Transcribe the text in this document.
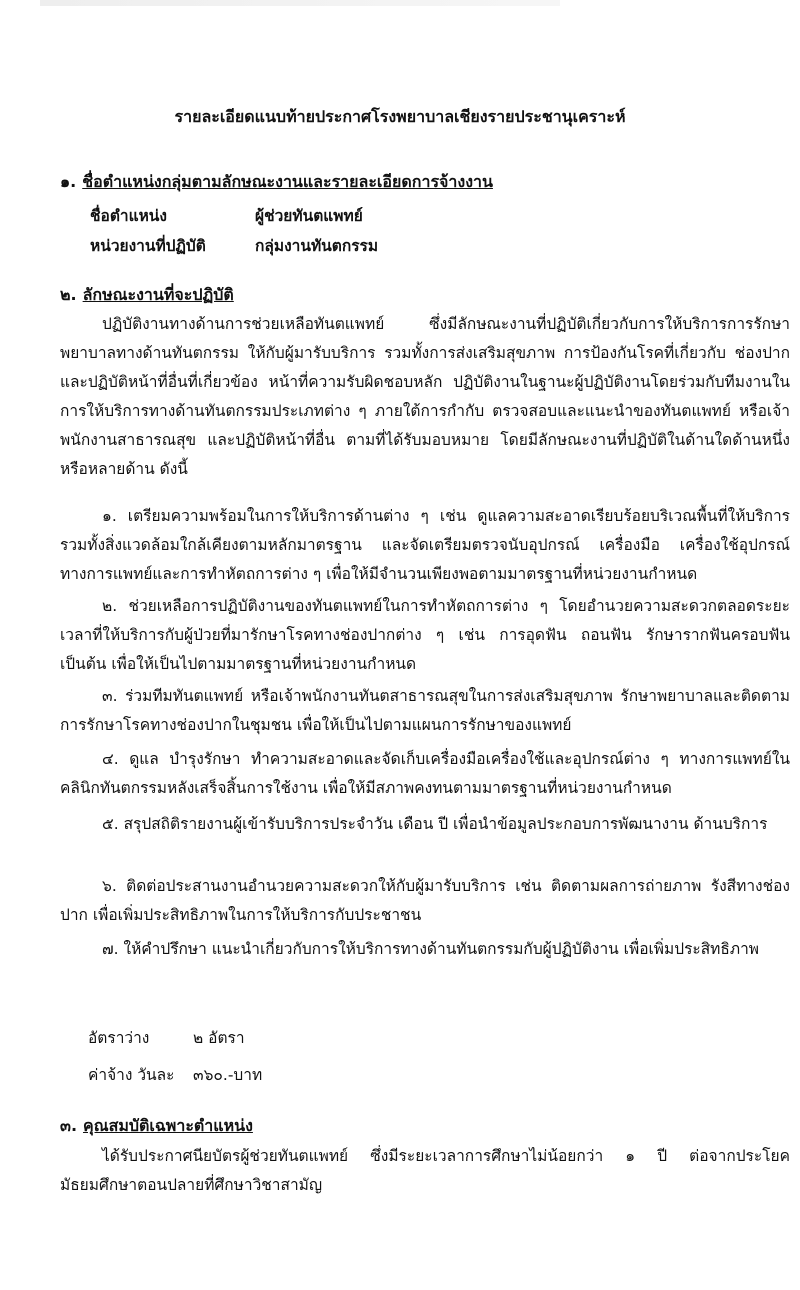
รายละเอียดแนบท้ายประกาศโรงพยาบาลเชียงรายประชานุเคราะห์
๑. ชื่อตำแหน่งกลุ่มตามลักษณะงานและรายละเอียดการจ้างงาน
ชื่อตำแหน่ง	ผู้ช่วยทันตแพทย์
หน่วยงานที่ปฏิบัติ	กลุ่มงานทันตกรรม
๒. ลักษณะงานที่จะปฏิบัติ
ปฏิบัติงานทางด้านการช่วยเหลือทันตแพทย์ ซึ่งมีลักษณะงานที่ปฏิบัติเกี่ยวกับการให้บริการการรักษาพยาบาลทางด้านทันตกรรม ให้กับผู้มารับบริการ รวมทั้งการส่งเสริมสุขภาพ การป้องกันโรคที่เกี่ยวกับ ช่องปากและปฏิบัติหน้าที่อื่นที่เกี่ยวข้อง หน้าที่ความรับผิดชอบหลัก ปฏิบัติงานในฐานะผู้ปฏิบัติงานโดยร่วมกับทีมงานในการให้บริการทางด้านทันตกรรมประเภทต่าง ๆ ภายใต้การกำกับ ตรวจสอบและแนะนำของทันตแพทย์ หรือเจ้าพนักงานสาธารณสุข และปฏิบัติหน้าที่อื่น ตามที่ได้รับมอบหมาย โดยมีลักษณะงานที่ปฏิบัติในด้านใดด้านหนึ่ง หรือหลายด้าน ดังนี้
๑. เตรียมความพร้อมในการให้บริการด้านต่าง ๆ เช่น ดูแลความสะอาดเรียบร้อยบริเวณพื้นที่ให้บริการ รวมทั้งสิ่งแวดล้อมใกล้เคียงตามหลักมาตรฐาน และจัดเตรียมตรวจนับอุปกรณ์ เครื่องมือ เครื่องใช้อุปกรณ์ทางการแพทย์และการทำหัตถการต่าง ๆ เพื่อให้มีจำนวนเพียงพอตามมาตรฐานที่หน่วยงานกำหนด
๒. ช่วยเหลือการปฏิบัติงานของทันตแพทย์ในการทำหัตถการต่าง ๆ โดยอำนวยความสะดวกตลอดระยะเวลาที่ให้บริการกับผู้ป่วยที่มารักษาโรคทางช่องปากต่าง ๆ เช่น การอุดฟัน ถอนฟัน รักษารากฟันครอบฟัน เป็นต้น เพื่อให้เป็นไปตามมาตรฐานที่หน่วยงานกำหนด
๓. ร่วมทีมทันตแพทย์ หรือเจ้าพนักงานทันตสาธารณสุขในการส่งเสริมสุขภาพ รักษาพยาบาลและติดตามการรักษาโรคทางช่องปากในชุมชน เพื่อให้เป็นไปตามแผนการรักษาของแพทย์
๔. ดูแล บำรุงรักษา ทำความสะอาดและจัดเก็บเครื่องมือเครื่องใช้และอุปกรณ์ต่าง ๆ ทางการแพทย์ในคลินิกทันตกรรมหลังเสร็จสิ้นการใช้งาน เพื่อให้มีสภาพคงทนตามมาตรฐานที่หน่วยงานกำหนด
๕. สรุปสถิติรายงานผู้เข้ารับบริการประจำวัน เดือน ปี เพื่อนำข้อมูลประกอบการพัฒนางาน ด้านบริการ
๖. ติดต่อประสานงานอำนวยความสะดวกให้กับผู้มารับบริการ เช่น ติดตามผลการถ่ายภาพ รังสีทางช่องปาก เพื่อเพิ่มประสิทธิภาพในการให้บริการกับประชาชน
๗. ให้คำปรึกษา แนะนำเกี่ยวกับการให้บริการทางด้านทันตกรรมกับผู้ปฏิบัติงาน เพื่อเพิ่มประสิทธิภาพ
อัตราว่าง	๒ อัตรา
ค่าจ้าง วันละ ๓๖๐.-บาท
๓. คุณสมบัติเฉพาะตำแหน่ง
ได้รับประกาศนียบัตรผู้ช่วยทันตแพทย์ ซึ่งมีระยะเวลาการศึกษาไม่น้อยกว่า ๑ ปี ต่อจากประโยคมัธยมศึกษาตอนปลายที่ศึกษาวิชาสามัญ
